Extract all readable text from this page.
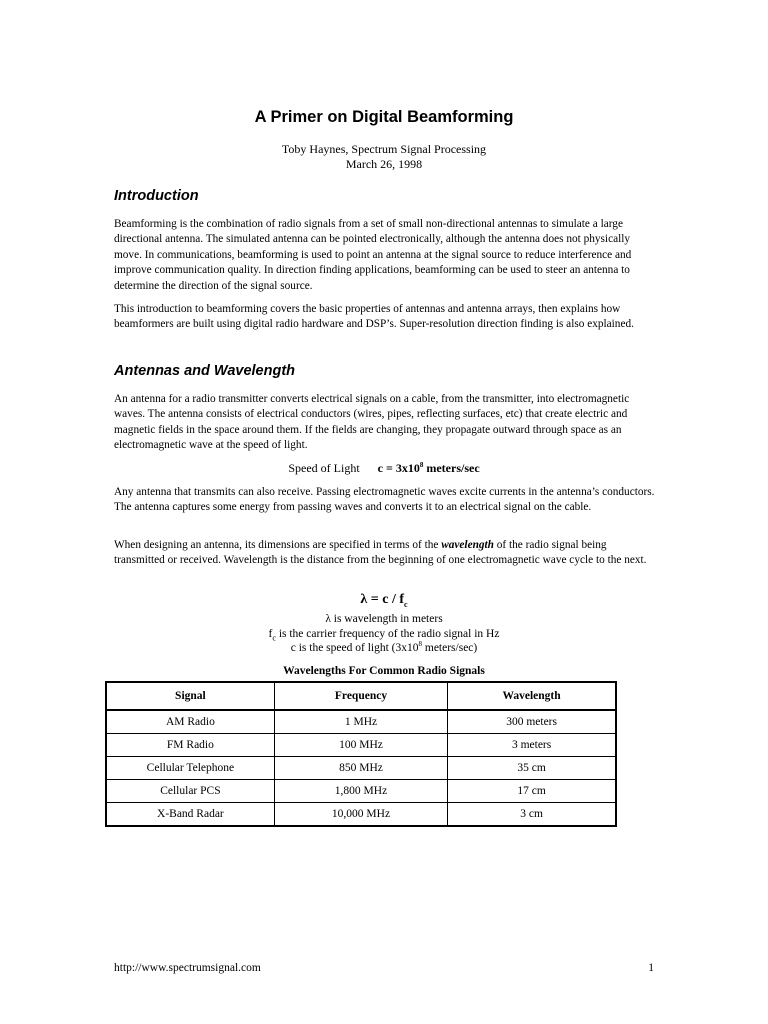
A Primer on Digital Beamforming
Toby Haynes, Spectrum Signal Processing
March 26, 1998
Introduction
Beamforming is the combination of radio signals from a set of small non-directional antennas to simulate a large directional antenna. The simulated antenna can be pointed electronically, although the antenna does not physically move. In communications, beamforming is used to point an antenna at the signal source to reduce interference and improve communication quality. In direction finding applications, beamforming can be used to steer an antenna to determine the direction of the signal source.
This introduction to beamforming covers the basic properties of antennas and antenna arrays, then explains how beamformers are built using digital radio hardware and DSP’s. Super-resolution direction finding is also explained.
Antennas and Wavelength
An antenna for a radio transmitter converts electrical signals on a cable, from the transmitter, into electromagnetic waves. The antenna consists of electrical conductors (wires, pipes, reflecting surfaces, etc) that create electric and magnetic fields in the space around them. If the fields are changing, they propagate outward through space as an electromagnetic wave at the speed of light.
Speed of Light $c = 3x10^8$ meters/sec
Any antenna that transmits can also receive. Passing electromagnetic waves excite currents in the antenna’s conductors. The antenna captures some energy from passing waves and converts it to an electrical signal on the cable.
When designing an antenna, its dimensions are specified in terms of the wavelength of the radio signal being transmitted or received. Wavelength is the distance from the beginning of one electromagnetic wave cycle to the next.
$\lambda = c / f_c$
λ is wavelength in meters
$f_c$ is the carrier frequency of the radio signal in Hz
c is the speed of light ($3x10^8$ meters/sec)
Wavelengths For Common Radio Signals
Signal	Frequency	Wavelength
AM Radio	1 MHz	300 meters
FM Radio	100 MHz	3 meters
Cellular Telephone	850 MHz	35 cm
Cellular PCS	1,800 MHz	17 cm
X-Band Radar	10,000 MHz	3 cm
http://www.spectrumsignal.com	1
